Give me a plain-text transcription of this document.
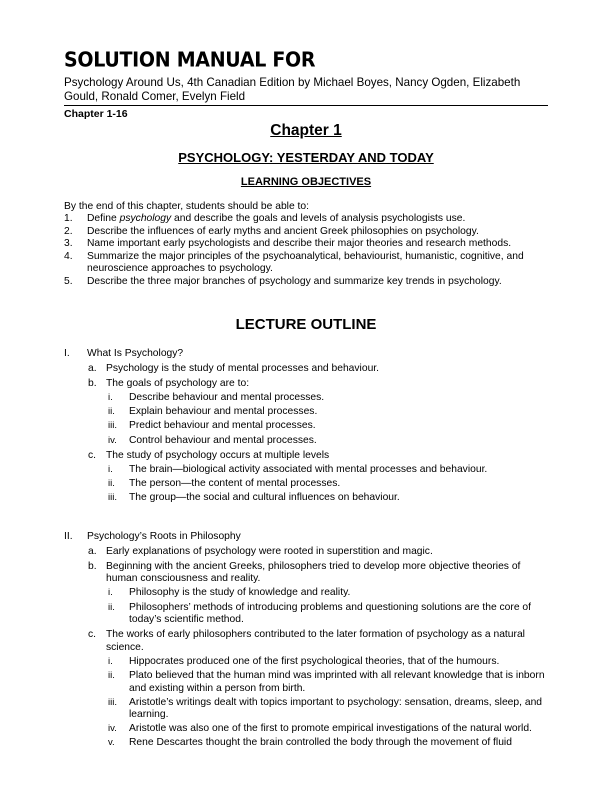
SOLUTION MANUAL FOR
Psychology Around Us, 4th Canadian Edition by Michael Boyes, Nancy Ogden, Elizabeth Gould, Ronald Comer, Evelyn Field
Chapter 1-16
Chapter 1
PSYCHOLOGY: YESTERDAY AND TODAY
LEARNING OBJECTIVES
By the end of this chapter, students should be able to:
1. Define psychology and describe the goals and levels of analysis psychologists use.
2. Describe the influences of early myths and ancient Greek philosophies on psychology.
3. Name important early psychologists and describe their major theories and research methods.
4. Summarize the major principles of the psychoanalytical, behaviourist, humanistic, cognitive, and neuroscience approaches to psychology.
5. Describe the three major branches of psychology and summarize key trends in psychology.
LECTURE OUTLINE
I. What Is Psychology?
a. Psychology is the study of mental processes and behaviour.
b. The goals of psychology are to:
i. Describe behaviour and mental processes.
ii. Explain behaviour and mental processes.
iii. Predict behaviour and mental processes.
iv. Control behaviour and mental processes.
c. The study of psychology occurs at multiple levels
i. The brain—biological activity associated with mental processes and behaviour.
ii. The person—the content of mental processes.
iii. The group—the social and cultural influences on behaviour.
II. Psychology’s Roots in Philosophy
a. Early explanations of psychology were rooted in superstition and magic.
b. Beginning with the ancient Greeks, philosophers tried to develop more objective theories of human consciousness and reality.
i. Philosophy is the study of knowledge and reality.
ii. Philosophers’ methods of introducing problems and questioning solutions are the core of today’s scientific method.
c. The works of early philosophers contributed to the later formation of psychology as a natural science.
i. Hippocrates produced one of the first psychological theories, that of the humours.
ii. Plato believed that the human mind was imprinted with all relevant knowledge that is inborn and existing within a person from birth.
iii. Aristotle’s writings dealt with topics important to psychology: sensation, dreams, sleep, and learning.
iv. Aristotle was also one of the first to promote empirical investigations of the natural world.
v. Rene Descartes thought the brain controlled the body through the movement of fluid
